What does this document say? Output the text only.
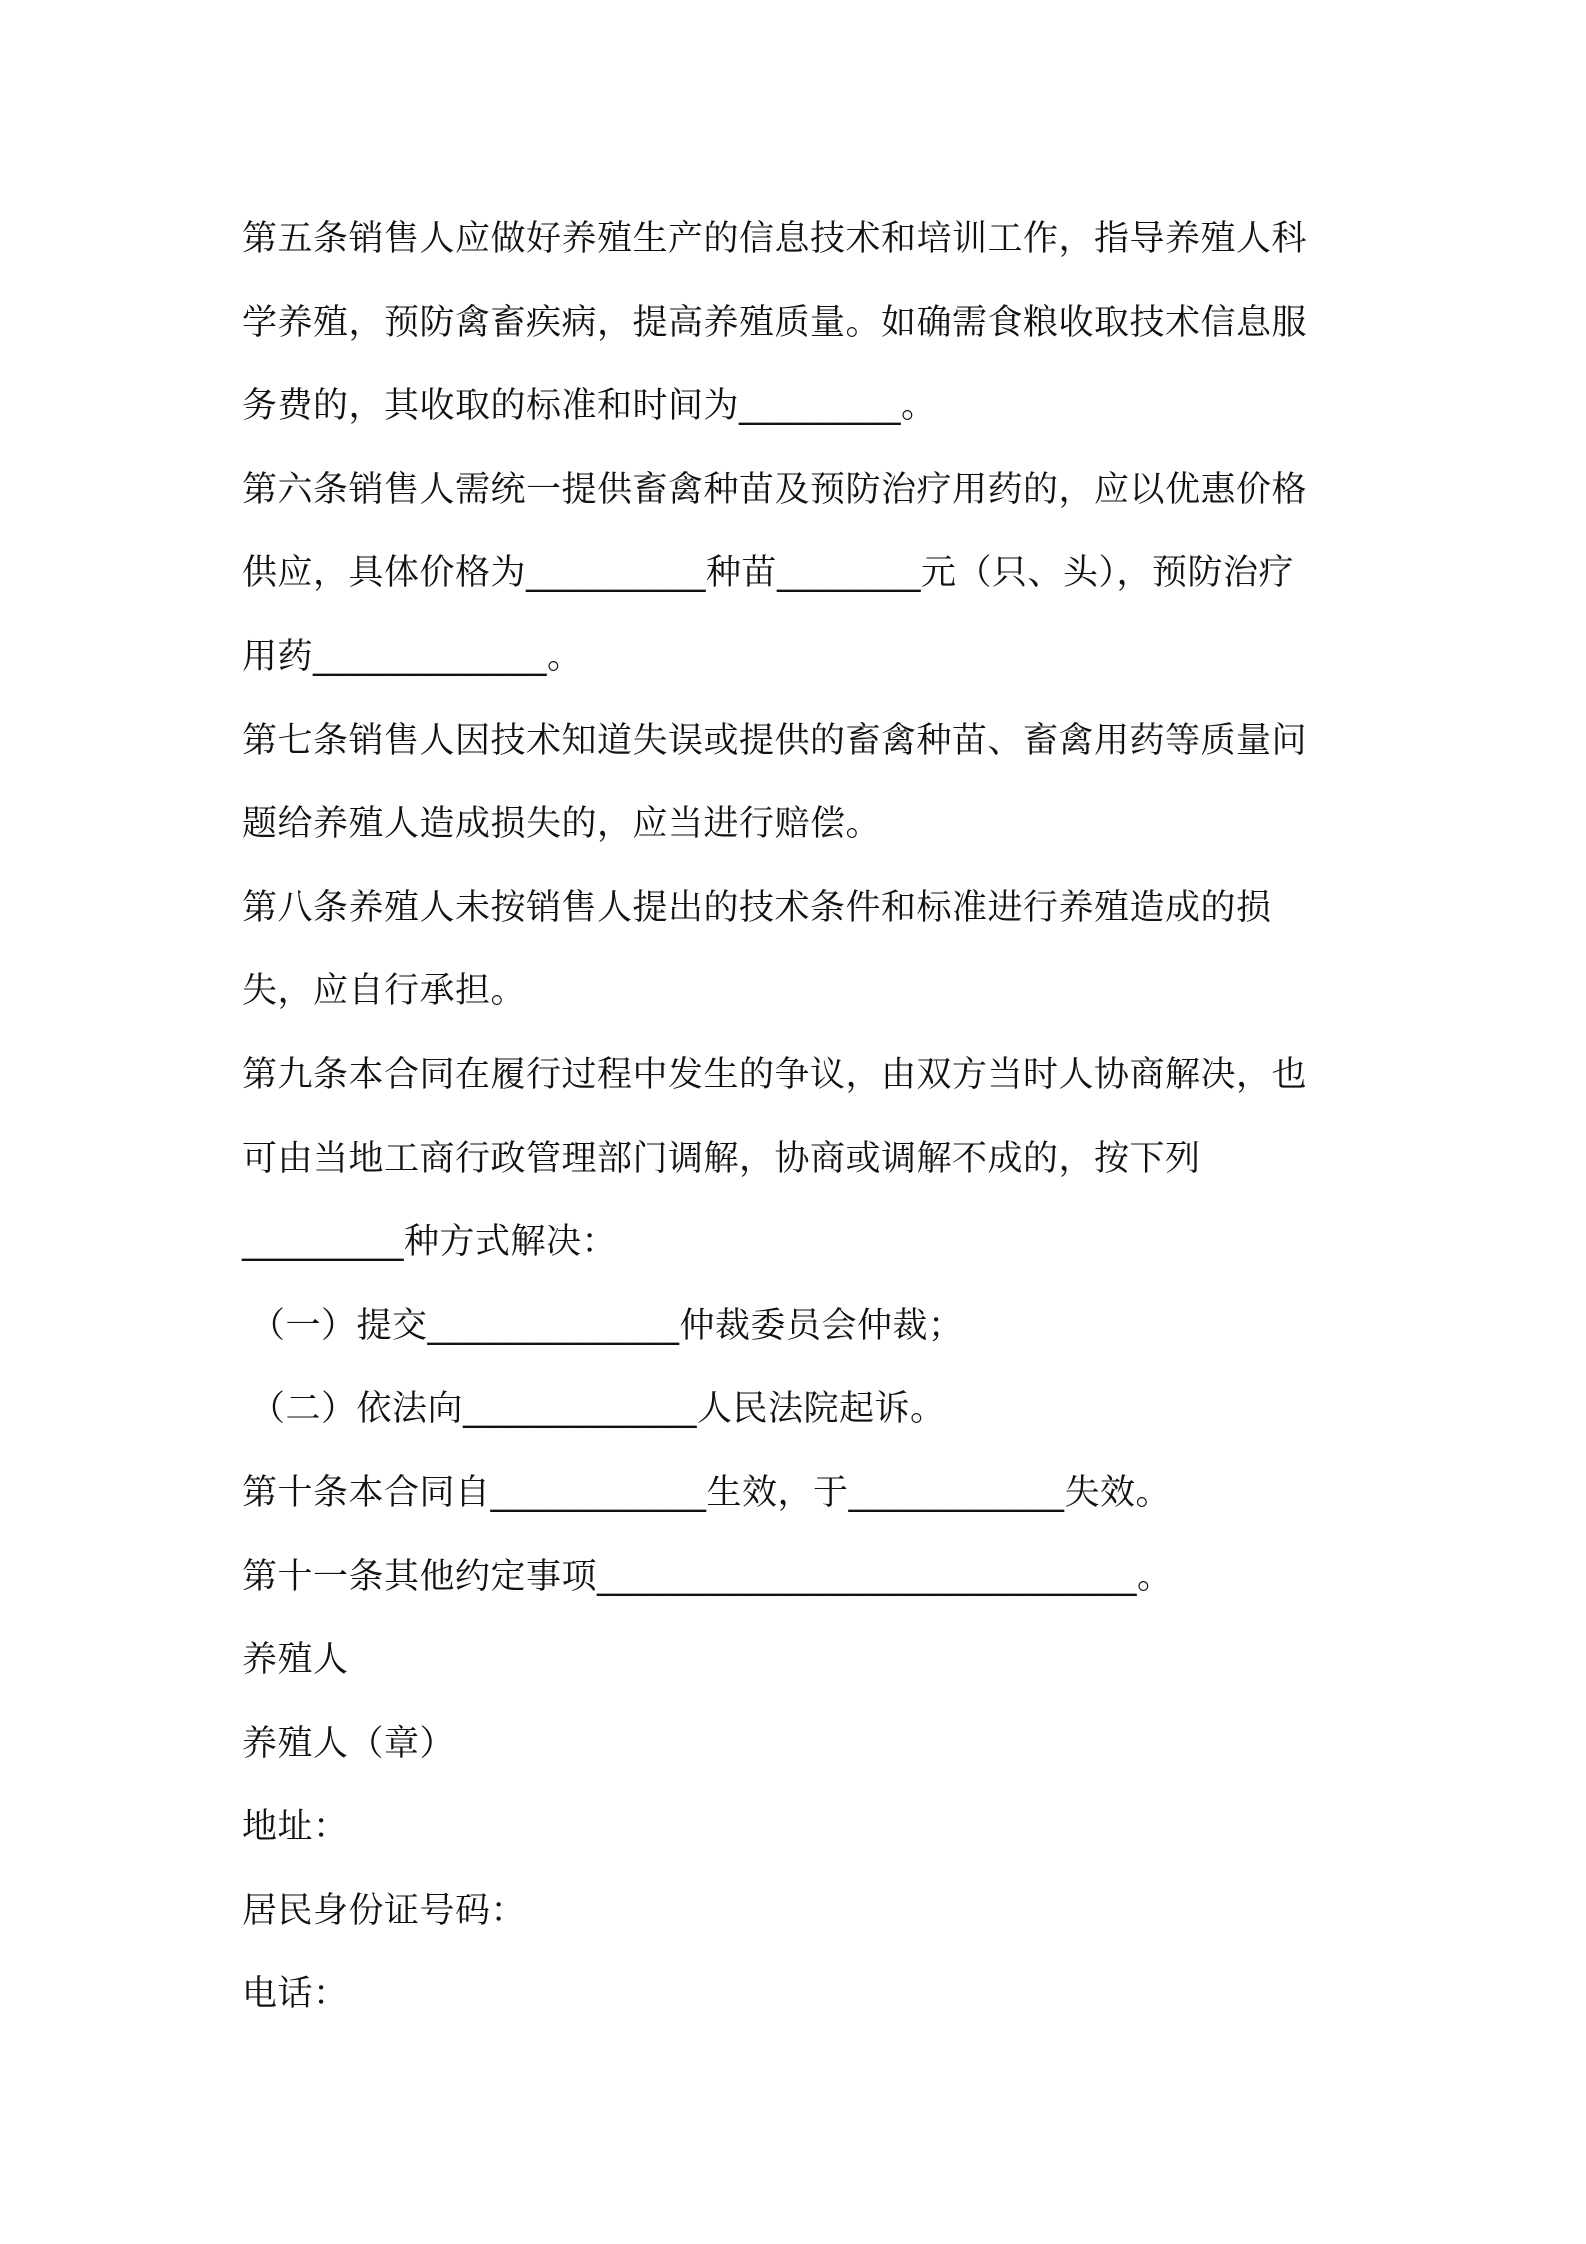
第五条销售人应做好养殖生产的信息技术和培训工作，指导养殖人科
学养殖，预防禽畜疾病，提高养殖质量。如确需食粮收取技术信息服
务费的，其收取的标准和时间为_________。
第六条销售人需统一提供畜禽种苗及预防治疗用药的，应以优惠价格
供应，具体价格为__________种苗________元（只、头），预防治疗
用药_____________。
第七条销售人因技术知道失误或提供的畜禽种苗、畜禽用药等质量问
题给养殖人造成损失的，应当进行赔偿。
第八条养殖人未按销售人提出的技术条件和标准进行养殖造成的损
失，应自行承担。
第九条本合同在履行过程中发生的争议，由双方当时人协商解决，也
可由当地工商行政管理部门调解，协商或调解不成的，按下列
_________种方式解决：
（一）提交______________仲裁委员会仲裁；
（二）依法向_____________人民法院起诉。
第十条本合同自____________生效，于____________失效。
第十一条其他约定事项______________________________。
养殖人
养殖人（章）
地址：
居民身份证号码：
电话：
